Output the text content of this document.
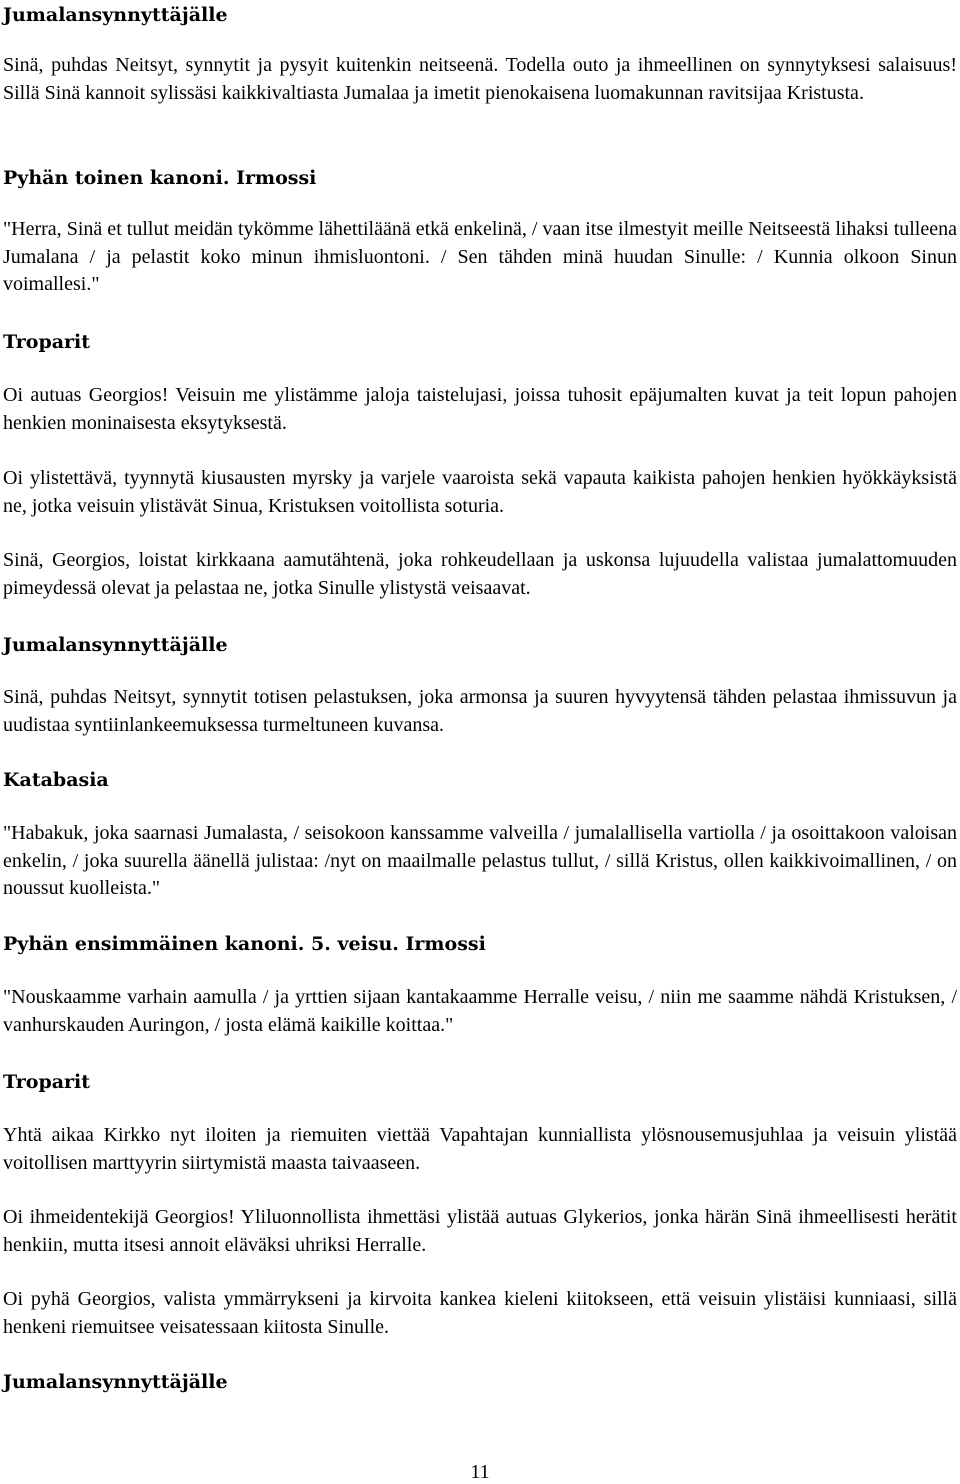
Jumalansynnyttäjälle

Sinä, puhdas Neitsyt, synnytit ja pysyit kuitenkin neitseenä. Todella outo ja ihmeellinen on synnytyksesi salaisuus! Sillä Sinä kannoit sylissäsi kaikkivaltiasta Jumalaa ja imetit pienokaisena luomakunnan ravitsijaa Kristusta.

Pyhän toinen kanoni. Irmossi

"Herra, Sinä et tullut meidän tykömme lähettiläänä etkä enkelinä, / vaan itse ilmestyit meille Neitseestä lihaksi tulleena Jumalana / ja pelastit koko minun ihmisluontoni. / Sen tähden minä huudan Sinulle: / Kunnia olkoon Sinun voimallesi."

Troparit

Oi autuas Georgios! Veisuin me ylistämme jaloja taistelujasi, joissa tuhosit epäjumalten kuvat ja teit lopun pahojen henkien moninaisesta eksytyksestä.

Oi ylistettävä, tyynnytä kiusausten myrsky ja varjele vaaroista sekä vapauta kaikista pahojen henkien hyökkäyksistä ne, jotka veisuin ylistävät Sinua, Kristuksen voitollista soturia.

Sinä, Georgios, loistat kirkkaana aamutähtenä, joka rohkeudellaan ja uskonsa lujuudella valistaa jumalattomuuden pimeydessä olevat ja pelastaa ne, jotka Sinulle ylistystä veisaavat.

Jumalansynnyttäjälle

Sinä, puhdas Neitsyt, synnytit totisen pelastuksen, joka armonsa ja suuren hyvyytensä tähden pelastaa ihmissuvun ja uudistaa syntiinlankeemuksessa turmeltuneen kuvansa.

Katabasia

"Habakuk, joka saarnasi Jumalasta, / seisokoon kanssamme valveilla / jumalallisella vartiolla / ja osoittakoon valoisan enkelin, / joka suurella äänellä julistaa: /nyt on maailmalle pelastus tullut, / sillä Kristus, ollen kaikkivoimallinen, / on noussut kuolleista."

Pyhän ensimmäinen kanoni. 5. veisu. Irmossi

"Nouskaamme varhain aamulla / ja yrttien sijaan kantakaamme Herralle veisu, / niin me saamme nähdä Kristuksen, / vanhurskauden Auringon, / josta elämä kaikille koittaa."

Troparit

Yhtä aikaa Kirkko nyt iloiten ja riemuiten viettää Vapahtajan kunniallista ylösnousemusjuhlaa ja veisuin ylistää voitollisen marttyyrin siirtymistä maasta taivaaseen.

Oi ihmeidentekijä Georgios! Yliluonnollista ihmettäsi ylistää autuas Glykerios, jonka härän Sinä ihmeellisesti herätit henkiin, mutta itsesi annoit eläväksi uhriksi Herralle.

Oi pyhä Georgios, valista ymmärrykseni ja kirvoita kankea kieleni kiitokseen, että veisuin ylistäisi kunniaasi, sillä henkeni riemuitsee veisatessaan kiitosta Sinulle.

Jumalansynnyttäjälle
11
